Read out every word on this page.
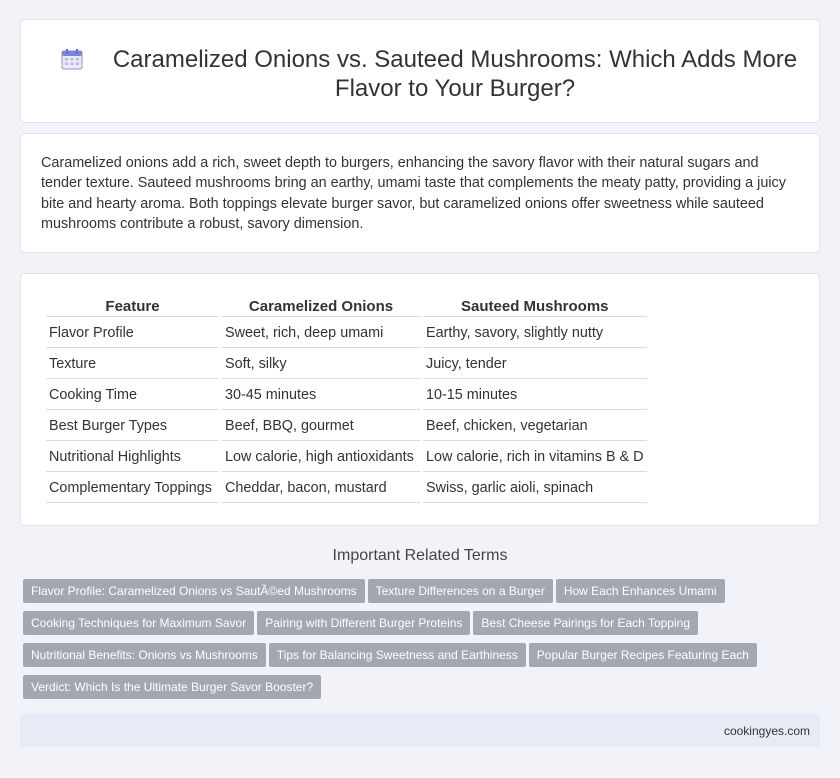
Caramelized Onions vs. Sauteed Mushrooms: Which Adds More Flavor to Your Burger?

Caramelized onions add a rich, sweet depth to burgers, enhancing the savory flavor with their natural sugars and tender texture. Sauteed mushrooms bring an earthy, umami taste that complements the meaty patty, providing a juicy bite and hearty aroma. Both toppings elevate burger savor, but caramelized onions offer sweetness while sauteed mushrooms contribute a robust, savory dimension.

Feature	Caramelized Onions	Sauteed Mushrooms
Flavor Profile	Sweet, rich, deep umami	Earthy, savory, slightly nutty
Texture	Soft, silky	Juicy, tender
Cooking Time	30-45 minutes	10-15 minutes
Best Burger Types	Beef, BBQ, gourmet	Beef, chicken, vegetarian
Nutritional Highlights	Low calorie, high antioxidants	Low calorie, rich in vitamins B & D
Complementary Toppings	Cheddar, bacon, mustard	Swiss, garlic aioli, spinach
Important Related Terms
Flavor Profile: Caramelized Onions vs SautÃ©ed Mushrooms Texture Differences on a Burger How Each Enhances Umami
Cooking Techniques for Maximum Savor Pairing with Different Burger Proteins Best Cheese Pairings for Each Topping
Nutritional Benefits: Onions vs Mushrooms Tips for Balancing Sweetness and Earthiness Popular Burger Recipes Featuring Each
Verdict: Which Is the Ultimate Burger Savor Booster?
cookingyes.com
